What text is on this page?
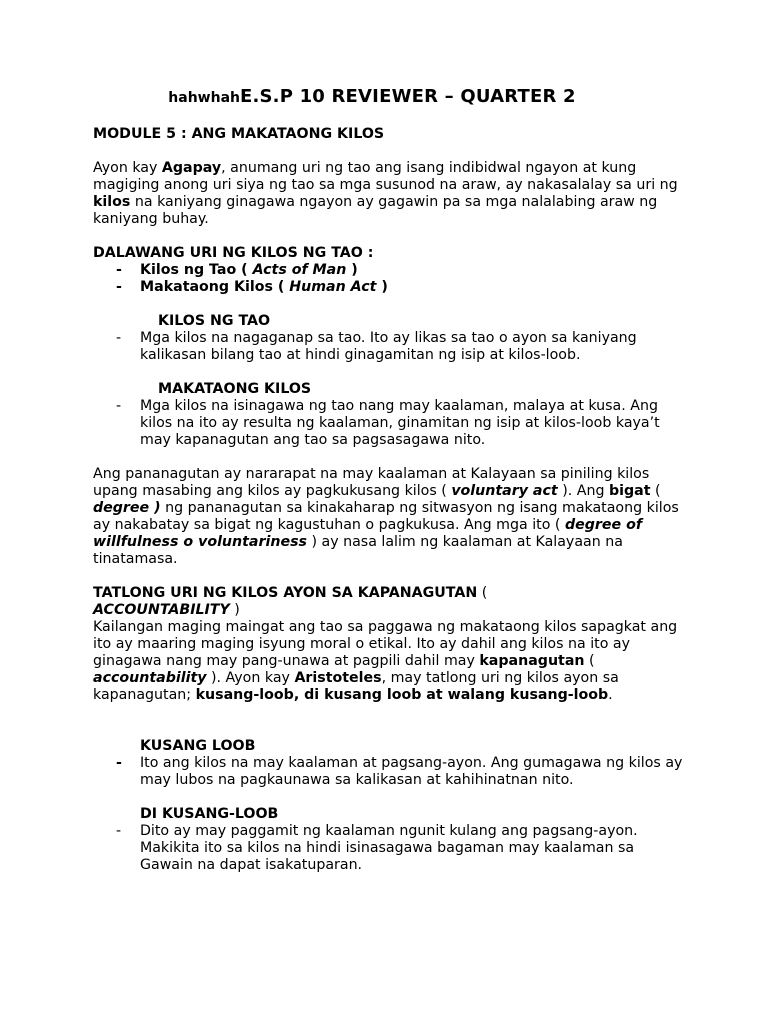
hahwhahE.S.P 10 REVIEWER – QUARTER 2

MODULE 5 : ANG MAKATAONG KILOS

Ayon kay Agapay, anumang uri ng tao ang isang indibidwal ngayon at kung magiging anong uri siya ng tao sa mga susunod na araw, ay nakasalalay sa uri ng kilos na kaniyang ginagawa ngayon ay gagawin pa sa mga nalalabing araw ng kaniyang buhay.

DALAWANG URI NG KILOS NG TAO :

- Kilos ng Tao ( Acts of Man )
- Makataong Kilos ( Human Act )

KILOS NG TAO

- Mga kilos na nagaganap sa tao. Ito ay likas sa tao o ayon sa kaniyang kalikasan bilang tao at hindi ginagamitan ng isip at kilos-loob.

MAKATAONG KILOS

- Mga kilos na isinagawa ng tao nang may kaalaman, malaya at kusa. Ang kilos na ito ay resulta ng kaalaman, ginamitan ng isip at kilos-loob kaya’t may kapanagutan ang tao sa pagsasagawa nito.

Ang pananagutan ay nararapat na may kaalaman at Kalayaan sa piniling kilos upang masabing ang kilos ay pagkukusang kilos ( voluntary act ). Ang bigat ( degree ) ng pananagutan sa kinakaharap ng sitwasyon ng isang makataong kilos ay nakabatay sa bigat ng kagustuhan o pagkukusa. Ang mga ito ( degree of willfulness o voluntariness ) ay nasa lalim ng kaalaman at Kalayaan na tinatamasa.

TATLONG URI NG KILOS AYON SA KAPANAGUTAN (
ACCOUNTABILITY )
Kailangan maging maingat ang tao sa paggawa ng makataong kilos sapagkat ang ito ay maaring maging isyung moral o etikal. Ito ay dahil ang kilos na ito ay ginagawa nang may pang-unawa at pagpili dahil may kapanagutan ( accountability ). Ayon kay Aristoteles, may tatlong uri ng kilos ayon sa kapanagutan; kusang-loob, di kusang loob at walang kusang-loob.

KUSANG LOOB

- Ito ang kilos na may kaalaman at pagsang-ayon. Ang gumagawa ng kilos ay may lubos na pagkaunawa sa kalikasan at kahihinatnan nito.

DI KUSANG-LOOB

- Dito ay may paggamit ng kaalaman ngunit kulang ang pagsang-ayon. Makikita ito sa kilos na hindi isinasagawa bagaman may kaalaman sa Gawain na dapat isakatuparan.
